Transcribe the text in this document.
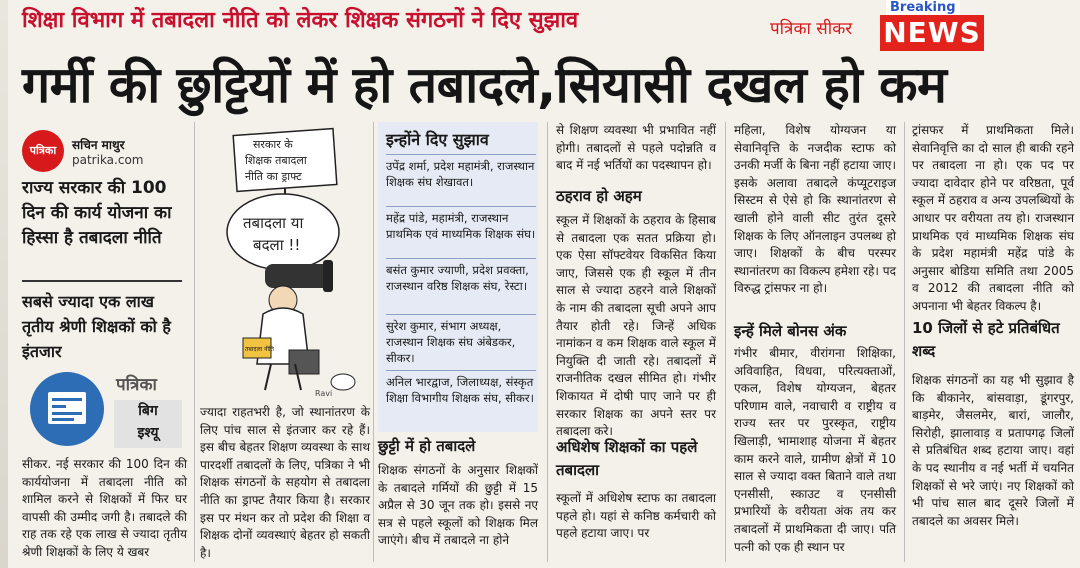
शिक्षा विभाग में तबादला नीति को लेकर शिक्षक संगठनों ने दिए सुझाव	पत्रिका सीकर
Breaking
NEWS
गर्मी की छुट्टियों में हो तबादले,सियासी दखल हो कम
पत्रिका	सचिन माथुर
patrika.com
राज्य सरकार की 100 दिन की कार्य योजना का हिस्सा है तबादला नीति
सबसे ज्यादा एक लाख तृतीय श्रेणी शिक्षकों को है इंतजार
पत्रिका
बिग
इश्यू
सीकर. नई सरकार की 100 दिन की कार्ययोजना में तबादला नीति को शामिल करने से शिक्षकों में फिर घर वापसी की उम्मीद जगी है। तबादले की राह तक रहे एक लाख से ज्यादा तृतीय श्रेणी शिक्षकों के लिए ये खबर
सरकार के
शिक्षक तबादला
नीति का ड्राफ्ट
तबादला या
बदला !!
तबादला नीति
Ravi
ज्यादा राहतभरी है, जो स्थानांतरण के लिए पांच साल से इंतजार कर रहे हैं। इस बीच बेहतर शिक्षण व्यवस्था के साथ पारदर्शी तबादलों के लिए, पत्रिका ने भी शिक्षक संगठनों के सहयोग से तबादला नीति का ड्राफ्ट तैयार किया है। सरकार इस पर मंथन कर तो प्रदेश की शिक्षा व शिक्षक दोनों व्यवस्थाएं बेहतर हो सकती है।
इन्होंने दिए सुझाव
उपेंद्र शर्मा, प्रदेश महामंत्री, राजस्थान शिक्षक संघ शेखावत।
महेंद्र पांडे, महामंत्री, राजस्थान प्राथमिक एवं माध्यमिक शिक्षक संघ।
बसंत कुमार ज्याणी, प्रदेश प्रवक्ता, राजस्थान वरिष्ठ शिक्षक संघ, रेस्टा।
सुरेश कुमार, संभाग अध्यक्ष, राजस्थान शिक्षक संघ अंबेडकर, सीकर।
अनिल भारद्वाज, जिलाध्यक्ष, संस्कृत शिक्षा विभागीय शिक्षक संघ, सीकर।
छुट्टी में हो तबादले
शिक्षक संगठनों के अनुसार शिक्षकों के तबादले गर्मियों की छुट्टी में 15 अप्रैल से 30 जून तक हो। इससे नए सत्र से पहले स्कूलों को शिक्षक मिल जाएंगे। बीच में तबादले ना होने
से शिक्षण व्यवस्था भी प्रभावित नहीं होगी। तबादलों से पहले पदोन्नति व बाद में नई भर्तियों का पदस्थापन हो।
ठहराव हो अहम
स्कूल में शिक्षकों के ठहराव के हिसाब से तबादला एक सतत प्रक्रिया हो। एक ऐसा सॉफ्टवेयर विकसित किया जाए, जिससे एक ही स्कूल में तीन साल से ज्यादा ठहरने वाले शिक्षकों के नाम की तबादला सूची अपने आप तैयार होती रहे। जिन्हें अधिक नामांकन व कम शिक्षक वाले स्कूल में नियुक्ति दी जाती रहे। तबादलों में राजनीतिक दखल सीमित हो। गंभीर शिकायत में दोषी पाए जाने पर ही सरकार शिक्षक का अपने स्तर पर तबादला करे।
अधिशेष शिक्षकों का पहले तबादला
स्कूलों में अधिशेष स्टाफ का तबादला पहले हो। यहां से कनिष्ठ कर्मचारी को पहले हटाया जाए। पर
महिला, विशेष योग्यजन या सेवानिवृत्ति के नजदीक स्टाफ को उनकी मर्जी के बिना नहीं हटाया जाए। इसके अलावा तबादले कंप्यूटराइज सिस्टम से ऐसे हो कि स्थानांतरण से खाली होने वाली सीट तुरंत दूसरे शिक्षक के लिए ऑनलाइन उपलब्ध हो जाए। शिक्षकों के बीच परस्पर स्थानांतरण का विकल्प हमेशा रहे। पद विरुद्ध ट्रांसफर ना हो।
इन्हें मिले बोनस अंक
गंभीर बीमार, वीरांगना शिक्षिका, अविवाहित, विधवा, परित्यक्ताओं, एकल, विशेष योग्यजन, बेहतर परिणाम वाले, नवाचारी व राष्ट्रीय व राज्य स्तर पर पुरस्कृत, राष्ट्रीय खिलाड़ी, भामाशाह योजना में बेहतर काम करने वाले, ग्रामीण क्षेत्रों में 10 साल से ज्यादा वक्त बिताने वाले तथा एनसीसी, स्काउट व एनसीसी प्रभारियों के वरीयता अंक तय कर तबादलों में प्राथमिकता दी जाए। पति पत्नी को एक ही स्थान पर
ट्रांसफर में प्राथमिकता मिले। सेवानिवृत्ति का दो साल ही बाकी रहने पर तबादला ना हो। एक पद पर ज्यादा दावेदार होने पर वरिष्ठता, पूर्व स्कूल में ठहराव व अन्य उपलब्धियों के आधार पर वरीयता तय हो। राजस्थान प्राथमिक एवं माध्यमिक शिक्षक संघ के प्रदेश महामंत्री महेंद्र पांडे के अनुसार बोडिया समिति तथा 2005 व 2012 की तबादला नीति को अपनाना भी बेहतर विकल्प है।
10 जिलों से हटे प्रतिबंधित शब्द
शिक्षक संगठनों का यह भी सुझाव है कि बीकानेर, बांसवाड़ा, डूंगरपुर, बाड़मेर, जैसलमेर, बारां, जालौर, सिरोही, झालावाड़ व प्रतापगढ़ जिलों से प्रतिबंधित शब्द हटाया जाए। वहां के पद स्थानीय व नई भर्ती में चयनित शिक्षकों से भरे जाएं। नए शिक्षकों को भी पांच साल बाद दूसरे जिलों में तबादले का अवसर मिले।
